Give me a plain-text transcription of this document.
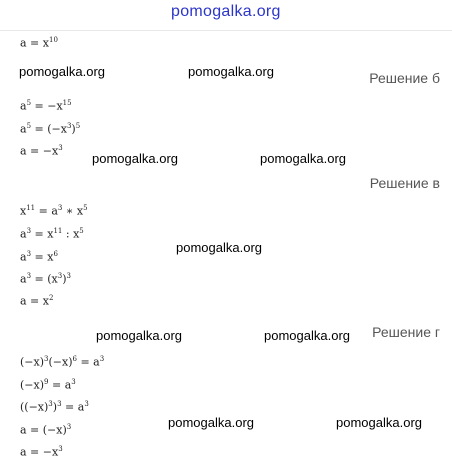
pomogalka.org
$a = x^{10}$
Решение б
$a^5 = -x^{15}$
$a^5 = (-x^3)^5$
$a = -x^3$
Решение в
$x^{11} = a^3$ ∗ $x^5$
$a^3 = x^{11}$ : $x^5$
$a^3 = x^6$
$a^3 = (x^3)^3$
$a = x^2$
Решение г
$(-x)^3(-x)^6 = a^3$
$(-x)^9 = a^3$
$((-x)^3)^3 = a^3$
$a = (-x)^3$
$a = -x^3$
pomogalka.org	pomogalka.org
pomogalka.org	pomogalka.org
pomogalka.org
pomogalka.org	pomogalka.org
pomogalka.org	pomogalka.org
